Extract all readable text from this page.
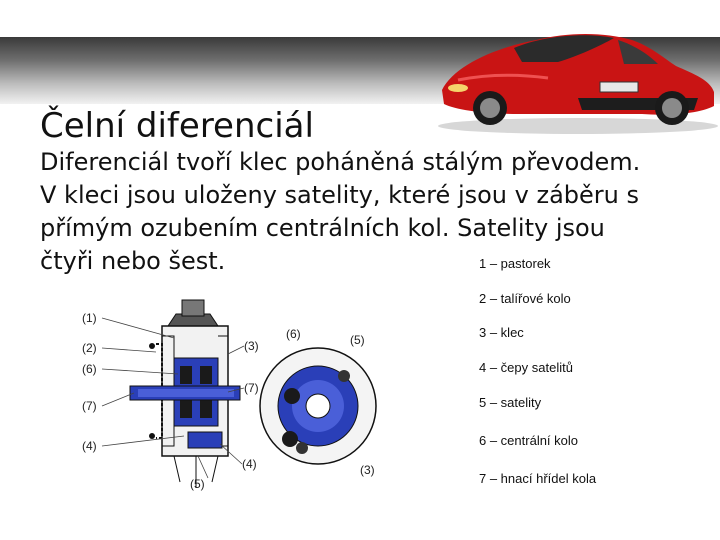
Čelní diferenciál
Diferenciál tvoří klec poháněná stálým převodem. V kleci jsou uloženy satelity, které jsou v záběru s přímým ozubením centrálních kol. Satelity jsou čtyři nebo šest.	1 – pastorek
2 – talířové kolo
3 – klec
4 – čepy satelitů
5 – satelity
6 – centrální kolo
7 – hnací hřídel kola
(1)
(2)
(6)
(7)
(4)
(5)
(4)
(3)
(7)
(6)	(5)
(3)
